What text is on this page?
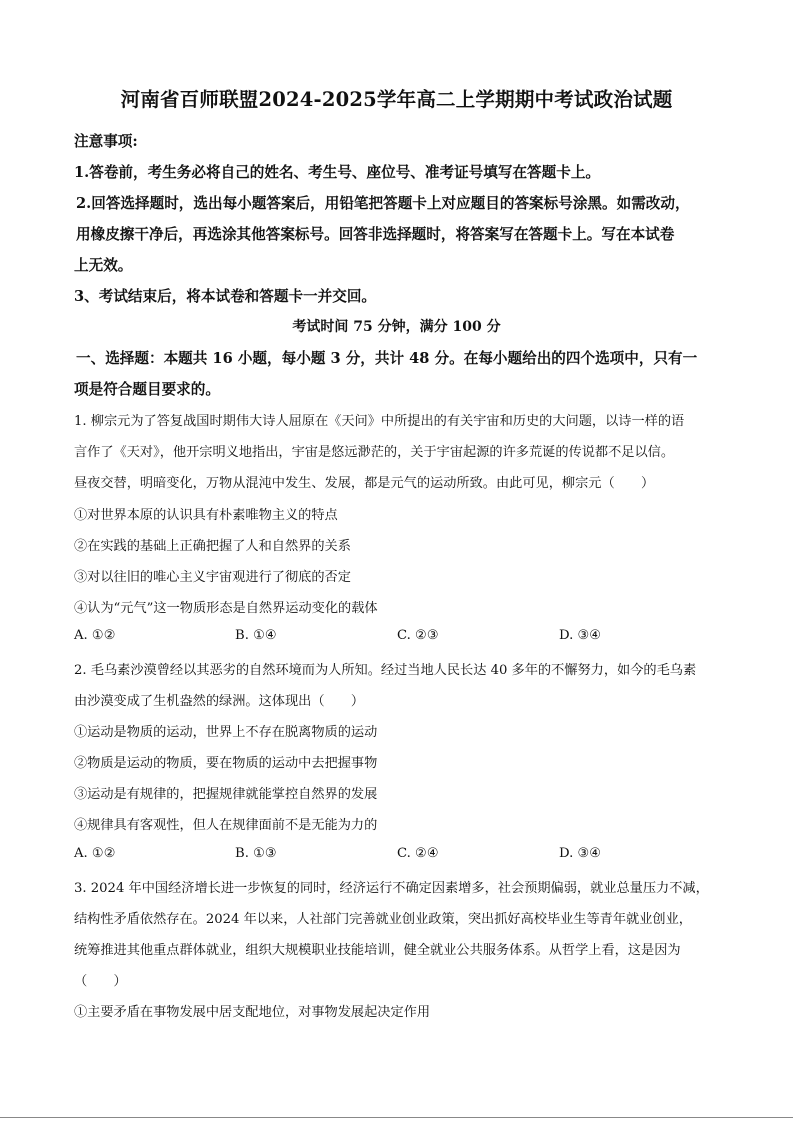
河南省百师联盟2024-2025学年高二上学期期中考试政治试题
注意事项:
1.答卷前，考生务必将自己的姓名、考生号、座位号、准考证号填写在答题卡上。
2.回答选择题时，选出每小题答案后，用铅笔把答题卡上对应题目的答案标号涂黑。如需改动，
用橡皮擦干净后，再选涂其他答案标号。回答非选择题时，将答案写在答题卡上。写在本试卷
上无效。
3、考试结束后，将本试卷和答题卡一并交回。
考试时间 75 分钟，满分 100 分
一、选择题：本题共 16 小题，每小题 3 分，共计 48 分。在每小题给出的四个选项中，只有一
项是符合题目要求的。
1. 柳宗元为了答复战国时期伟大诗人屈原在《天问》中所提出的有关宇宙和历史的大问题，以诗一样的语
言作了《天对》，他开宗明义地指出，宇宙是悠远渺茫的，关于宇宙起源的许多荒诞的传说都不足以信。
昼夜交替，明暗变化，万物从混沌中发生、发展，都是元气的运动所致。由此可见，柳宗元（　　）
①对世界本原的认识具有朴素唯物主义的特点
②在实践的基础上正确把握了人和自然界的关系
③对以往旧的唯心主义宇宙观进行了彻底的否定
④认为“元气”这一物质形态是自然界运动变化的载体
A. ①②	B. ①④	C. ②③	D. ③④
2. 毛乌素沙漠曾经以其恶劣的自然环境而为人所知。经过当地人民长达 40 多年的不懈努力，如今的毛乌素
由沙漠变成了生机盎然的绿洲。这体现出（　　）
①运动是物质的运动，世界上不存在脱离物质的运动
②物质是运动的物质，要在物质的运动中去把握事物
③运动是有规律的，把握规律就能掌控自然界的发展
④规律具有客观性，但人在规律面前不是无能为力的
A. ①②	B. ①③	C. ②④	D. ③④
3. 2024 年中国经济增长进一步恢复的同时，经济运行不确定因素增多，社会预期偏弱，就业总量压力不减，
结构性矛盾依然存在。2024 年以来，人社部门完善就业创业政策，突出抓好高校毕业生等青年就业创业，
统筹推进其他重点群体就业，组织大规模职业技能培训，健全就业公共服务体系。从哲学上看，这是因为
（　　）
①主要矛盾在事物发展中居支配地位，对事物发展起决定作用
